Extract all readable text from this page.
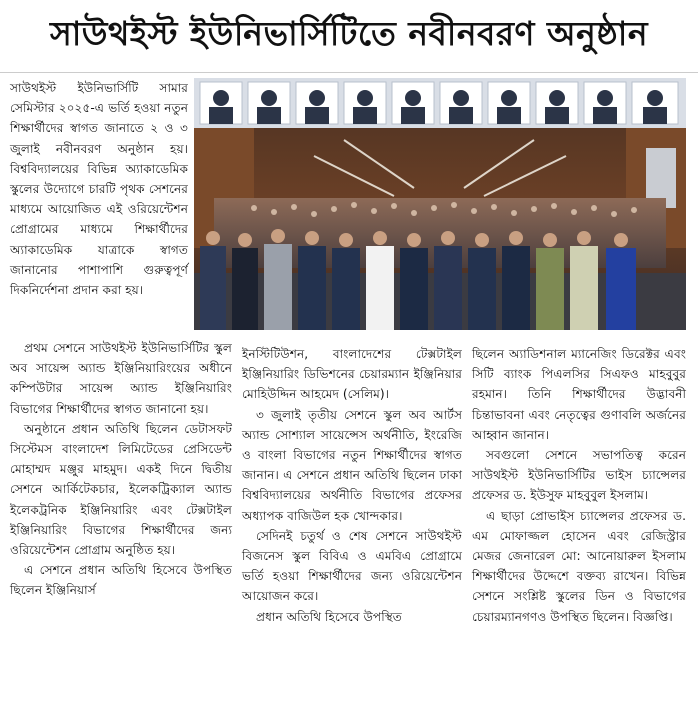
সাউথইস্ট ইউনিভার্সিটিতে নবীনবরণ অনুষ্ঠান
সাউথইস্ট ইউনিভার্সিটি সামার সেমিস্টার ২০২৫-এ ভর্তি হওয়া নতুন শিক্ষার্থীদের স্বাগত জানাতে ২ ও ৩ জুলাই নবীনবরণ অনুষ্ঠান হয়। বিশ্ববিদ্যালয়ের বিভিন্ন অ্যাকাডেমিক স্কুলের উদ্যোগে চারটি পৃথক সেশনের মাধ্যমে আয়োজিত এই ওরিয়েন্টেশন প্রোগ্রামের মাধ্যমে শিক্ষার্থীদের অ্যাকাডেমিক যাত্রাকে স্বাগত জানানোর পাশাপাশি গুরুত্বপূর্ণ দিকনির্দেশনা প্রদান করা হয়।

প্রথম সেশনে সাউথইস্ট ইউনিভার্সিটির স্কুল অব সায়েন্স অ্যান্ড ইঞ্জিনিয়ারিংয়ের অধীনে কম্পিউটার সায়েন্স অ্যান্ড ইঞ্জিনিয়ারিং বিভাগের শিক্ষার্থীদের স্বাগত জানানো হয়।

অনুষ্ঠানে প্রধান অতিথি ছিলেন ডেটাসফট সিস্টেমস বাংলাদেশ লিমিটেডের প্রেসিডেন্ট মোহাম্মদ মঞ্জুর মাহমুদ। একই দিনে দ্বিতীয় সেশনে আর্কিটেকচার, ইলেকট্রিক্যাল অ্যান্ড ইলেকট্রনিক ইঞ্জিনিয়ারিং এবং টেক্সটাইল ইঞ্জিনিয়ারিং বিভাগের শিক্ষার্থীদের জন্য ওরিয়েন্টেশন প্রোগ্রাম অনুষ্ঠিত হয়।

এ সেশনে প্রধান অতিথি হিসেবে উপস্থিত ছিলেন ইঞ্জিনিয়ার্স

ইনস্টিটিউশন, বাংলাদেশের টেক্সটাইল ইঞ্জিনিয়ারিং ডিভিশনের চেয়ারম্যান ইঞ্জিনিয়ার মোহিউদ্দিন আহমেদ (সেলিম)।

৩ জুলাই তৃতীয় সেশনে স্কুল অব আর্টস অ্যান্ড সোশ্যাল সায়েন্সেস অর্থনীতি, ইংরেজি ও বাংলা বিভাগের নতুন শিক্ষার্থীদের স্বাগত জানান। এ সেশনে প্রধান অতিথি ছিলেন ঢাকা বিশ্ববিদ্যালয়ের অর্থনীতি বিভাগের প্রফেসর অধ্যাপক বাজিউল হক খোন্দকার।

সেদিনই চতুর্থ ও শেষ সেশনে সাউথইস্ট বিজনেস স্কুল বিবিএ ও এমবিএ প্রোগ্রামে ভর্তি হওয়া শিক্ষার্থীদের জন্য ওরিয়েন্টেশন আয়োজন করে।

প্রধান অতিথি হিসেবে উপস্থিত

ছিলেন অ্যাডিশনাল ম্যানেজিং ডিরেক্টর এবং সিটি ব্যাংক পিএলসির সিএফও মাহবুবুর রহমান। তিনি শিক্ষার্থীদের উদ্ভাবনী চিন্তাভাবনা এবং নেতৃত্বের গুণাবলি অর্জনের আহ্বান জানান।

সবগুলো সেশনে সভাপতিত্ব করেন সাউথইস্ট ইউনিভার্সিটির ভাইস চ্যান্সেলর প্রফেসর ড. ইউসুফ মাহবুবুল ইসলাম।

এ ছাড়া প্রোভাইস চ্যান্সেলর প্রফেসর ড. এম মোফাজ্জল হোসেন এবং রেজিস্ট্রার মেজর জেনারেল মো: আনোয়ারুল ইসলাম শিক্ষার্থীদের উদ্দেশে বক্তব্য রাখেন। বিভিন্ন সেশনে সংশ্লিষ্ট স্কুলের ডিন ও বিভাগের চেয়ারম্যানগণও উপস্থিত ছিলেন। বিজ্ঞপ্তি।
